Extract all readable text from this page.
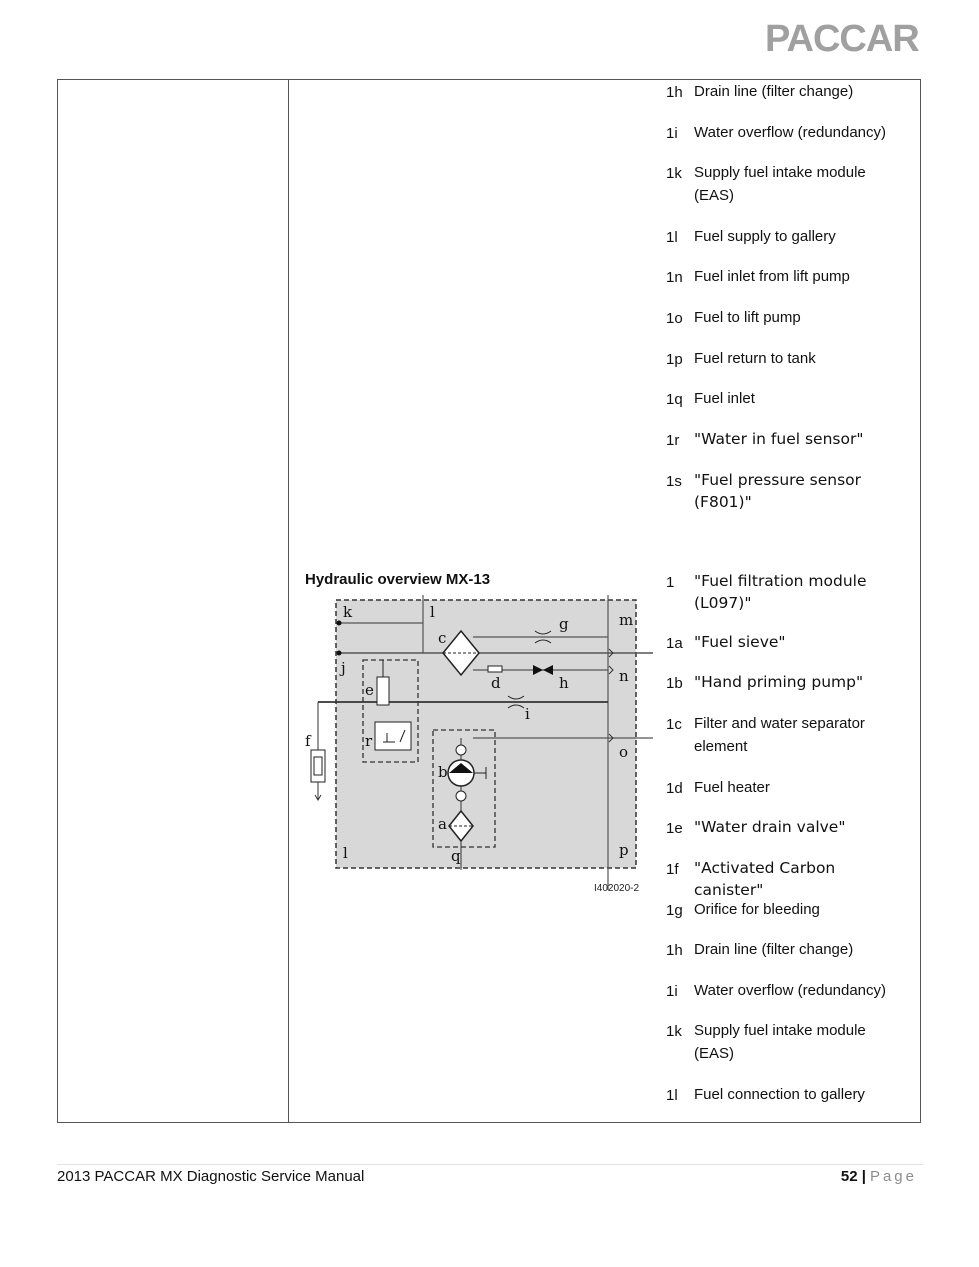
PACCAR
1h Drain line (filter change)
1i	Water overflow (redundancy)
1k Supply fuel intake module (EAS)
1l	Fuel supply to gallery
1n Fuel inlet from lift pump
1o Fuel to lift pump
1p Fuel return to tank
1q Fuel inlet
1r "Water in fuel sensor"
1s "Fuel pressure sensor (F801)"
Hydraulic overview MX-13
k	l	m
c
g
j
e
n
d	h
i
f	r
o
b
a
l	q	p
I402020-2
1	"Fuel filtration module (L097)"
1a "Fuel sieve"
1b "Hand priming pump"
1c Filter and water separator element
1d Fuel heater
1e "Water drain valve"
1f "Activated Carbon canister"
1g Orifice for bleeding
1h Drain line (filter change)
1i	Water overflow (redundancy)
1k Supply fuel intake module (EAS)
1l	Fuel connection to gallery
2013 PACCAR MX Diagnostic Service Manual	52 | Page
